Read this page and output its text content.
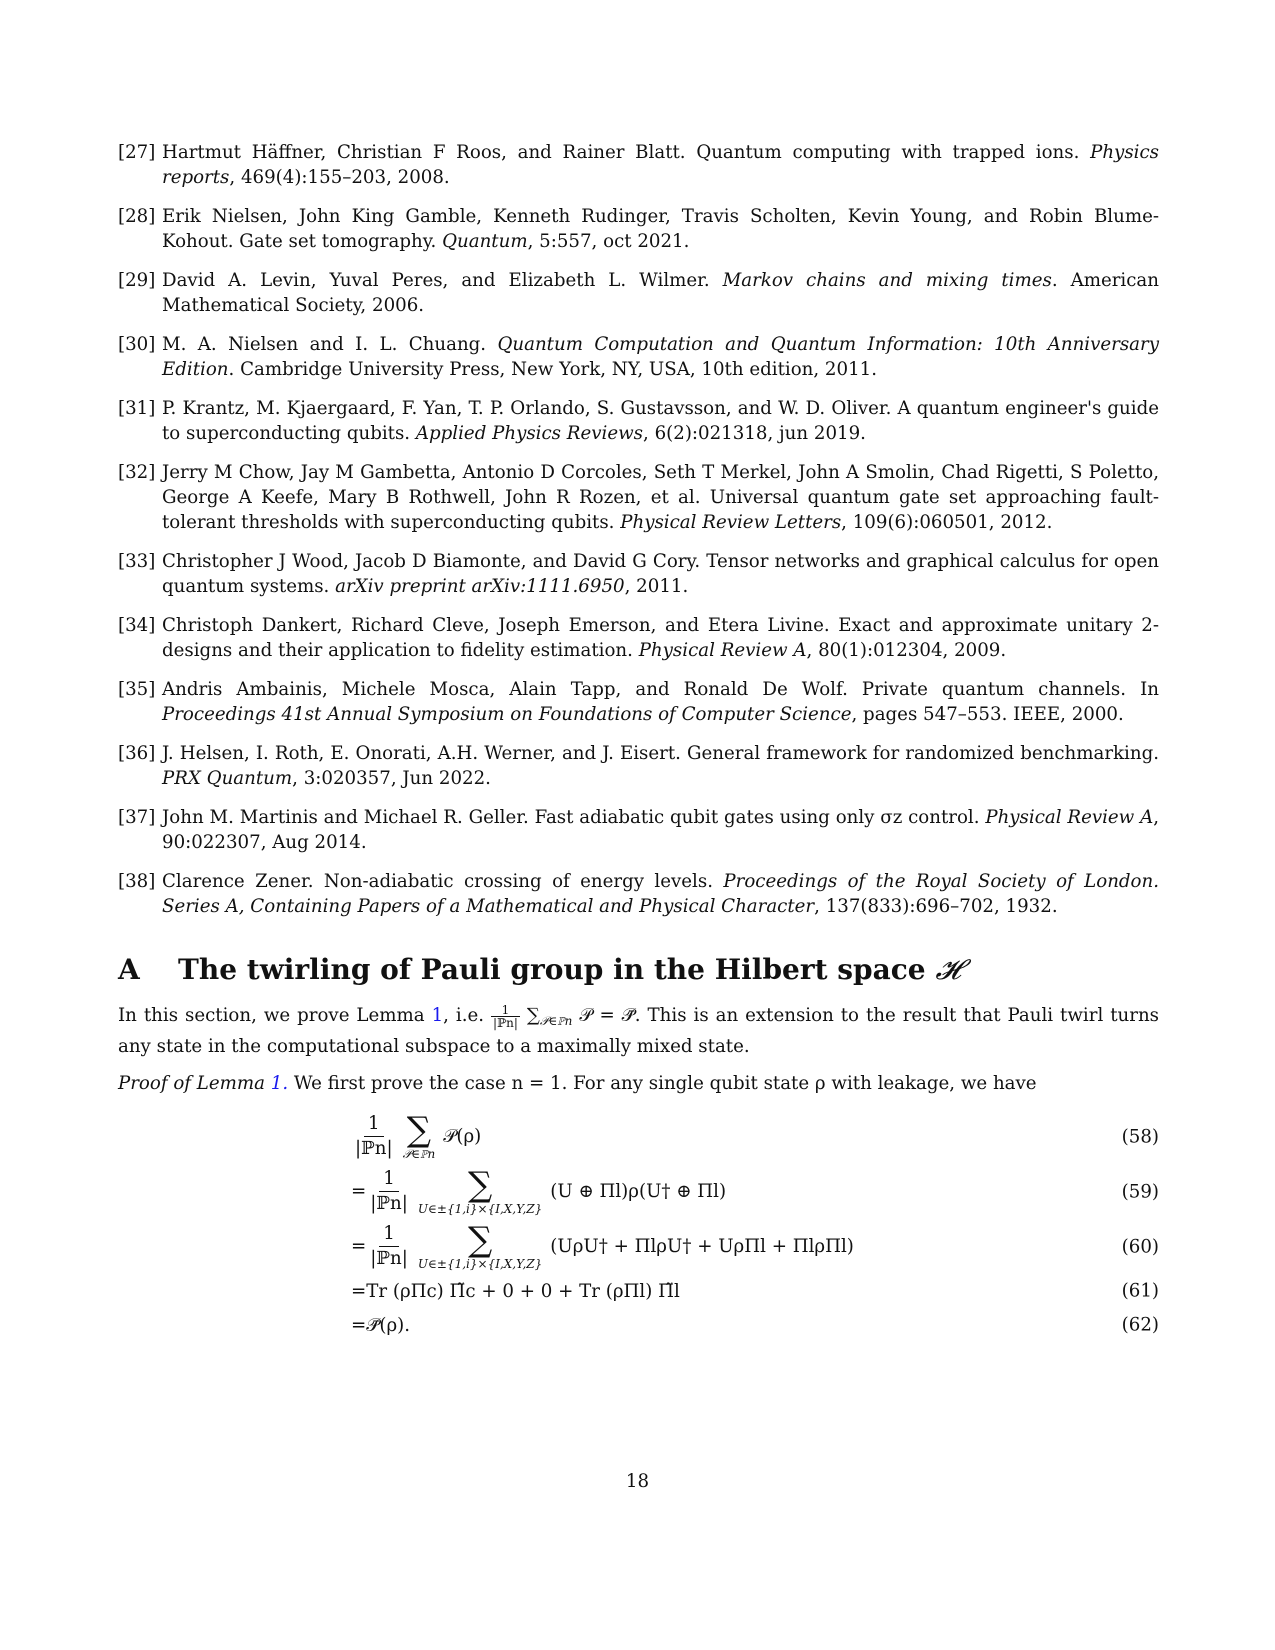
[27] Hartmut Häffner, Christian F Roos, and Rainer Blatt. Quantum computing with trapped ions. Physics reports, 469(4):155–203, 2008.
[28] Erik Nielsen, John King Gamble, Kenneth Rudinger, Travis Scholten, Kevin Young, and Robin Blume-Kohout. Gate set tomography. Quantum, 5:557, oct 2021.
[29] David A. Levin, Yuval Peres, and Elizabeth L. Wilmer. Markov chains and mixing times. American Mathematical Society, 2006.
[30] M. A. Nielsen and I. L. Chuang. Quantum Computation and Quantum Information: 10th Anniversary Edition. Cambridge University Press, New York, NY, USA, 10th edition, 2011.
[31] P. Krantz, M. Kjaergaard, F. Yan, T. P. Orlando, S. Gustavsson, and W. D. Oliver. A quantum engineer's guide to superconducting qubits. Applied Physics Reviews, 6(2):021318, jun 2019.
[32] Jerry M Chow, Jay M Gambetta, Antonio D Corcoles, Seth T Merkel, John A Smolin, Chad Rigetti, S Poletto, George A Keefe, Mary B Rothwell, John R Rozen, et al. Universal quantum gate set approaching fault-tolerant thresholds with superconducting qubits. Physical Review Letters, 109(6):060501, 2012.
[33] Christopher J Wood, Jacob D Biamonte, and David G Cory. Tensor networks and graphical calculus for open quantum systems. arXiv preprint arXiv:1111.6950, 2011.
[34] Christoph Dankert, Richard Cleve, Joseph Emerson, and Etera Livine. Exact and approximate unitary 2-designs and their application to fidelity estimation. Physical Review A, 80(1):012304, 2009.
[35] Andris Ambainis, Michele Mosca, Alain Tapp, and Ronald De Wolf. Private quantum channels. In Proceedings 41st Annual Symposium on Foundations of Computer Science, pages 547–553. IEEE, 2000.
[36] J. Helsen, I. Roth, E. Onorati, A.H. Werner, and J. Eisert. General framework for randomized benchmarking. PRX Quantum, 3:020357, Jun 2022.
[37] John M. Martinis and Michael R. Geller. Fast adiabatic qubit gates using only σz control. Physical Review A, 90:022307, Aug 2014.
[38] Clarence Zener. Non-adiabatic crossing of energy levels. Proceedings of the Royal Society of London. Series A, Containing Papers of a Mathematical and Physical Character, 137(833):696–702, 1932.
A The twirling of Pauli group in the Hilbert space 𝓗

In this section, we prove Lemma 1, i.e. $\frac{1}{\text{|ℙn|}} \sum_{𝒫\in ℙn}$ 𝒫 = 𝒫̄. This is an extension to the result that Pauli twirl turns any state in the computational subspace to a maximally mixed state.

Proof of Lemma 1. We first prove the case n = 1. For any single qubit state ρ with leakage, we have

$\frac{1}{\text{|ℙn|}}$ ∑
𝒫∈ℙn
𝒫(ρ)	(58)
= $\frac{1}{\text{|ℙn|}}$ ∑
U∈±{1,i}×{I,X,Y,Z}
(U ⊕ Πl)ρ(U† ⊕ Πl)	(59)
= $\frac{1}{\text{|ℙn|}}$ ∑
U∈±{1,i}×{I,X,Y,Z}
(UρU† + ΠlρU† + UρΠl + ΠlρΠl)	(60)
=Tr (ρΠc) Π̃c + 0 + 0 + Tr (ρΠl) Π̃l	(61)
=𝒫̄(ρ).	(62)
18
